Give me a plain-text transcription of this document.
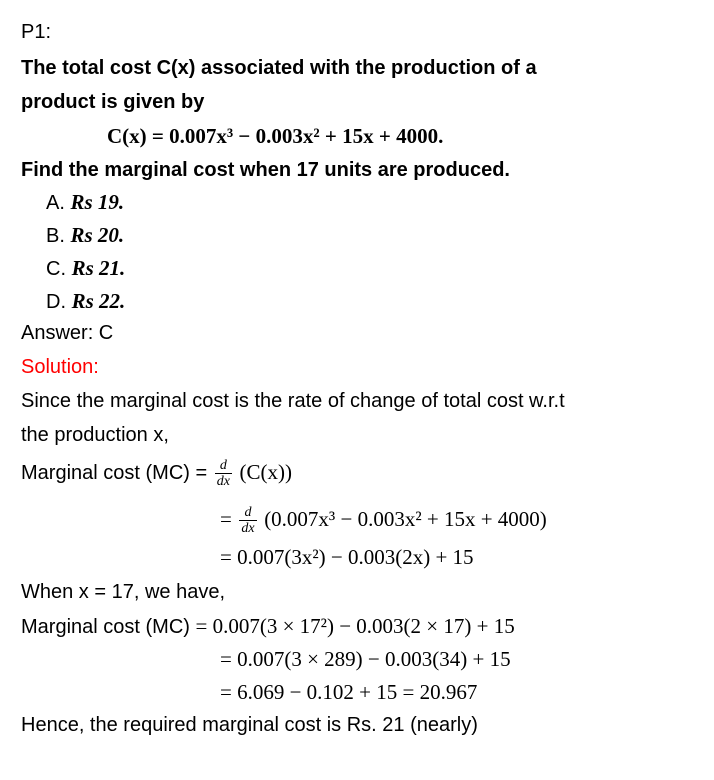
P1:
The total cost C(x) associated with the production of a
product is given by
C(x) = 0.007x³ − 0.003x² + 15x + 4000.
Find the marginal cost when 17 units are produced.
A. Rs 19.
B. Rs 20.
C. Rs 21.
D. Rs 22.
Answer: C
Solution:
Since the marginal cost is the rate of change of total cost w.r.t
the production x,
Marginal cost $(MC) = \frac{d}{dx} (C(x))$
= $\frac{d}{dx} (0.007x^3 - 0.003x^2 + 15x + 4000)$
= 0.007(3x²) − 0.003(2x) + 15
When x = 17, we have,
Marginal cost (MC) = 0.007(3 × 17²) − 0.003(2 × 17) + 15
= 0.007(3 × 289) − 0.003(34) + 15
= 6.069 − 0.102 + 15 = 20.967
Hence, the required marginal cost is Rs. 21 (nearly)
